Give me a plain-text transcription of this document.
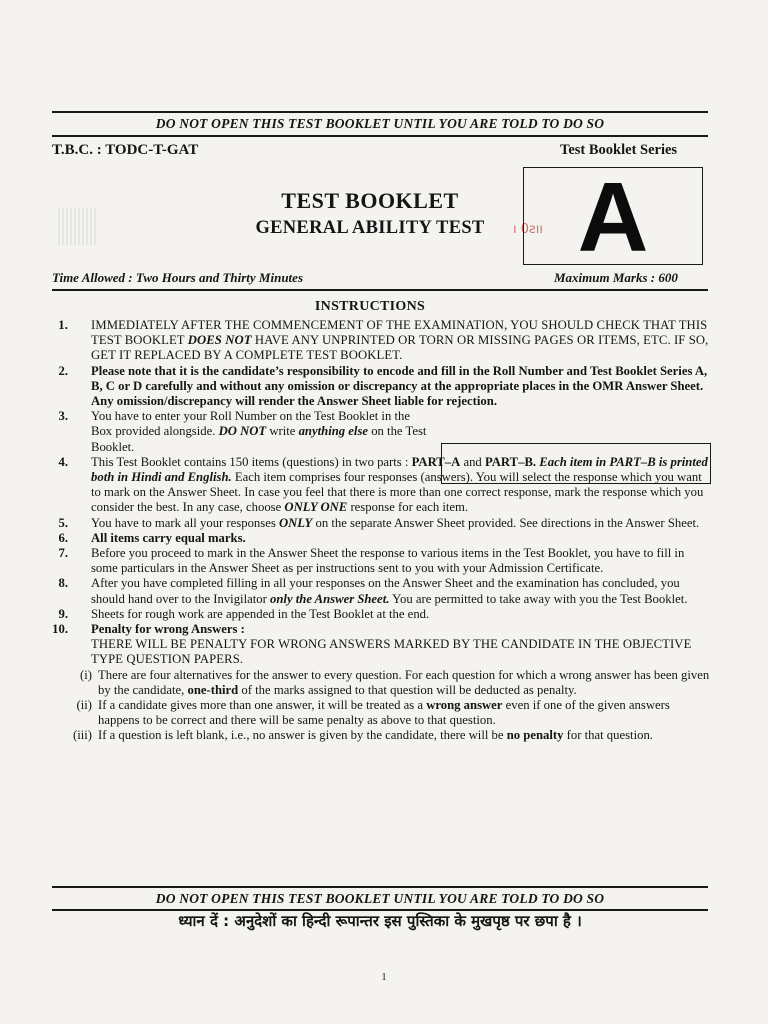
DO NOT OPEN THIS TEST BOOKLET UNTIL YOU ARE TOLD TO DO SO
T.B.C. : TODC-T-GAT	Test Booklet Series
TEST BOOKLET
GENERAL ABILITY TEST	ı 0ƨıı A
Time Allowed : Two Hours and Thirty Minutes	Maximum Marks : 600
INSTRUCTIONS
1. IMMEDIATELY AFTER THE COMMENCEMENT OF THE EXAMINATION, YOU SHOULD CHECK THAT THIS TEST BOOKLET DOES NOT HAVE ANY UNPRINTED OR TORN OR MISSING PAGES OR ITEMS, ETC. IF SO, GET IT REPLACED BY A COMPLETE TEST BOOKLET.
2. Please note that it is the candidate’s responsibility to encode and fill in the Roll Number and Test Booklet Series A, B, C or D carefully and without any omission or discrepancy at the appropriate places in the OMR Answer Sheet. Any omission/discrepancy will render the Answer Sheet liable for rejection.
3. You have to enter your Roll Number on the Test Booklet in the Box provided alongside. DO NOT write anything else on the Test Booklet.
4. This Test Booklet contains 150 items (questions) in two parts : PART–A and PART–B. Each item in PART–B is printed both in Hindi and English. Each item comprises four responses (answers). You will select the response which you want to mark on the Answer Sheet. In case you feel that there is more than one correct response, mark the response which you consider the best. In any case, choose ONLY ONE response for each item.
5. You have to mark all your responses ONLY on the separate Answer Sheet provided. See directions in the Answer Sheet.
6. All items carry equal marks.
7. Before you proceed to mark in the Answer Sheet the response to various items in the Test Booklet, you have to fill in some particulars in the Answer Sheet as per instructions sent to you with your Admission Certificate.
8. After you have completed filling in all your responses on the Answer Sheet and the examination has concluded, you should hand over to the Invigilator only the Answer Sheet. You are permitted to take away with you the Test Booklet.
9. Sheets for rough work are appended in the Test Booklet at the end.
10. Penalty for wrong Answers :
THERE WILL BE PENALTY FOR WRONG ANSWERS MARKED BY THE CANDIDATE IN THE OBJECTIVE TYPE QUESTION PAPERS.
(i) There are four alternatives for the answer to every question. For each question for which a wrong answer has been given by the candidate, one-third of the marks assigned to that question will be deducted as penalty.
(ii) If a candidate gives more than one answer, it will be treated as a wrong answer even if one of the given answers happens to be correct and there will be same penalty as above to that question.
(iii) If a question is left blank, i.e., no answer is given by the candidate, there will be no penalty for that question.
DO NOT OPEN THIS TEST BOOKLET UNTIL YOU ARE TOLD TO DO SO
ध्यान दें : अनुदेशों का हिन्दी रूपान्तर इस पुस्तिका के मुखपृष्ठ पर छपा है ।
1
